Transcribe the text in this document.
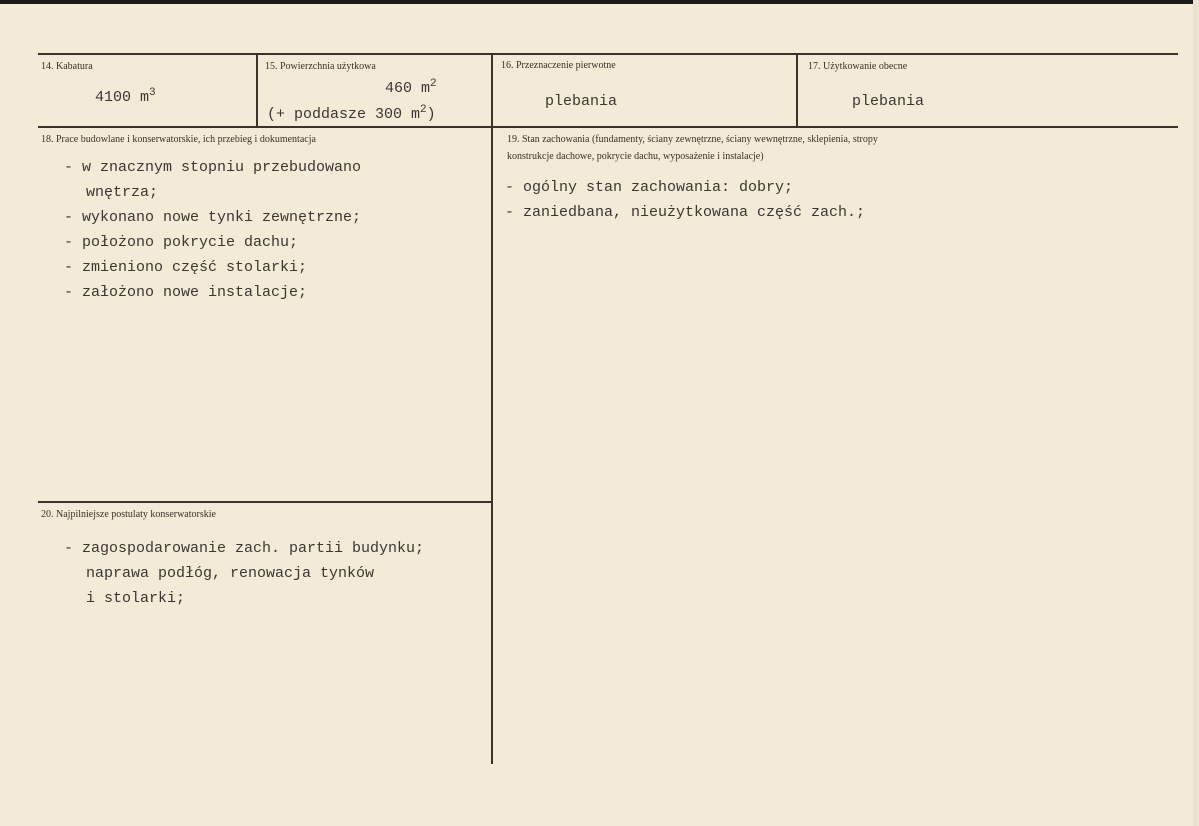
14. Kabatura
4100 $m^3$
15. Powierzchnia użytkowa
460 $m^2$
(+ poddasze 300 $m^2$)
16. Przeznaczenie pierwotne
plebania
17. Użytkowanie obecne
plebania
18. Prace budowlane i konserwatorskie, ich przebieg i dokumentacja
- w znacznym stopniu przebudowano
wnętrza;
- wykonano nowe tynki zewnętrzne;
- położono pokrycie dachu;
- zmieniono część stolarki;
- założono nowe instalacje;
19. Stan zachowania (fundamenty, ściany zewnętrzne, ściany wewnętrzne, sklepienia, stropy
konstrukcje dachowe, pokrycie dachu, wyposażenie i instalacje)
- ogólny stan zachowania: dobry;
- zaniedbana, nieużytkowana część zach.;
20. Najpilniejsze postulaty konserwatorskie
- zagospodarowanie zach. partii budynku;
naprawa podłóg, renowacja tynków
i stolarki;
